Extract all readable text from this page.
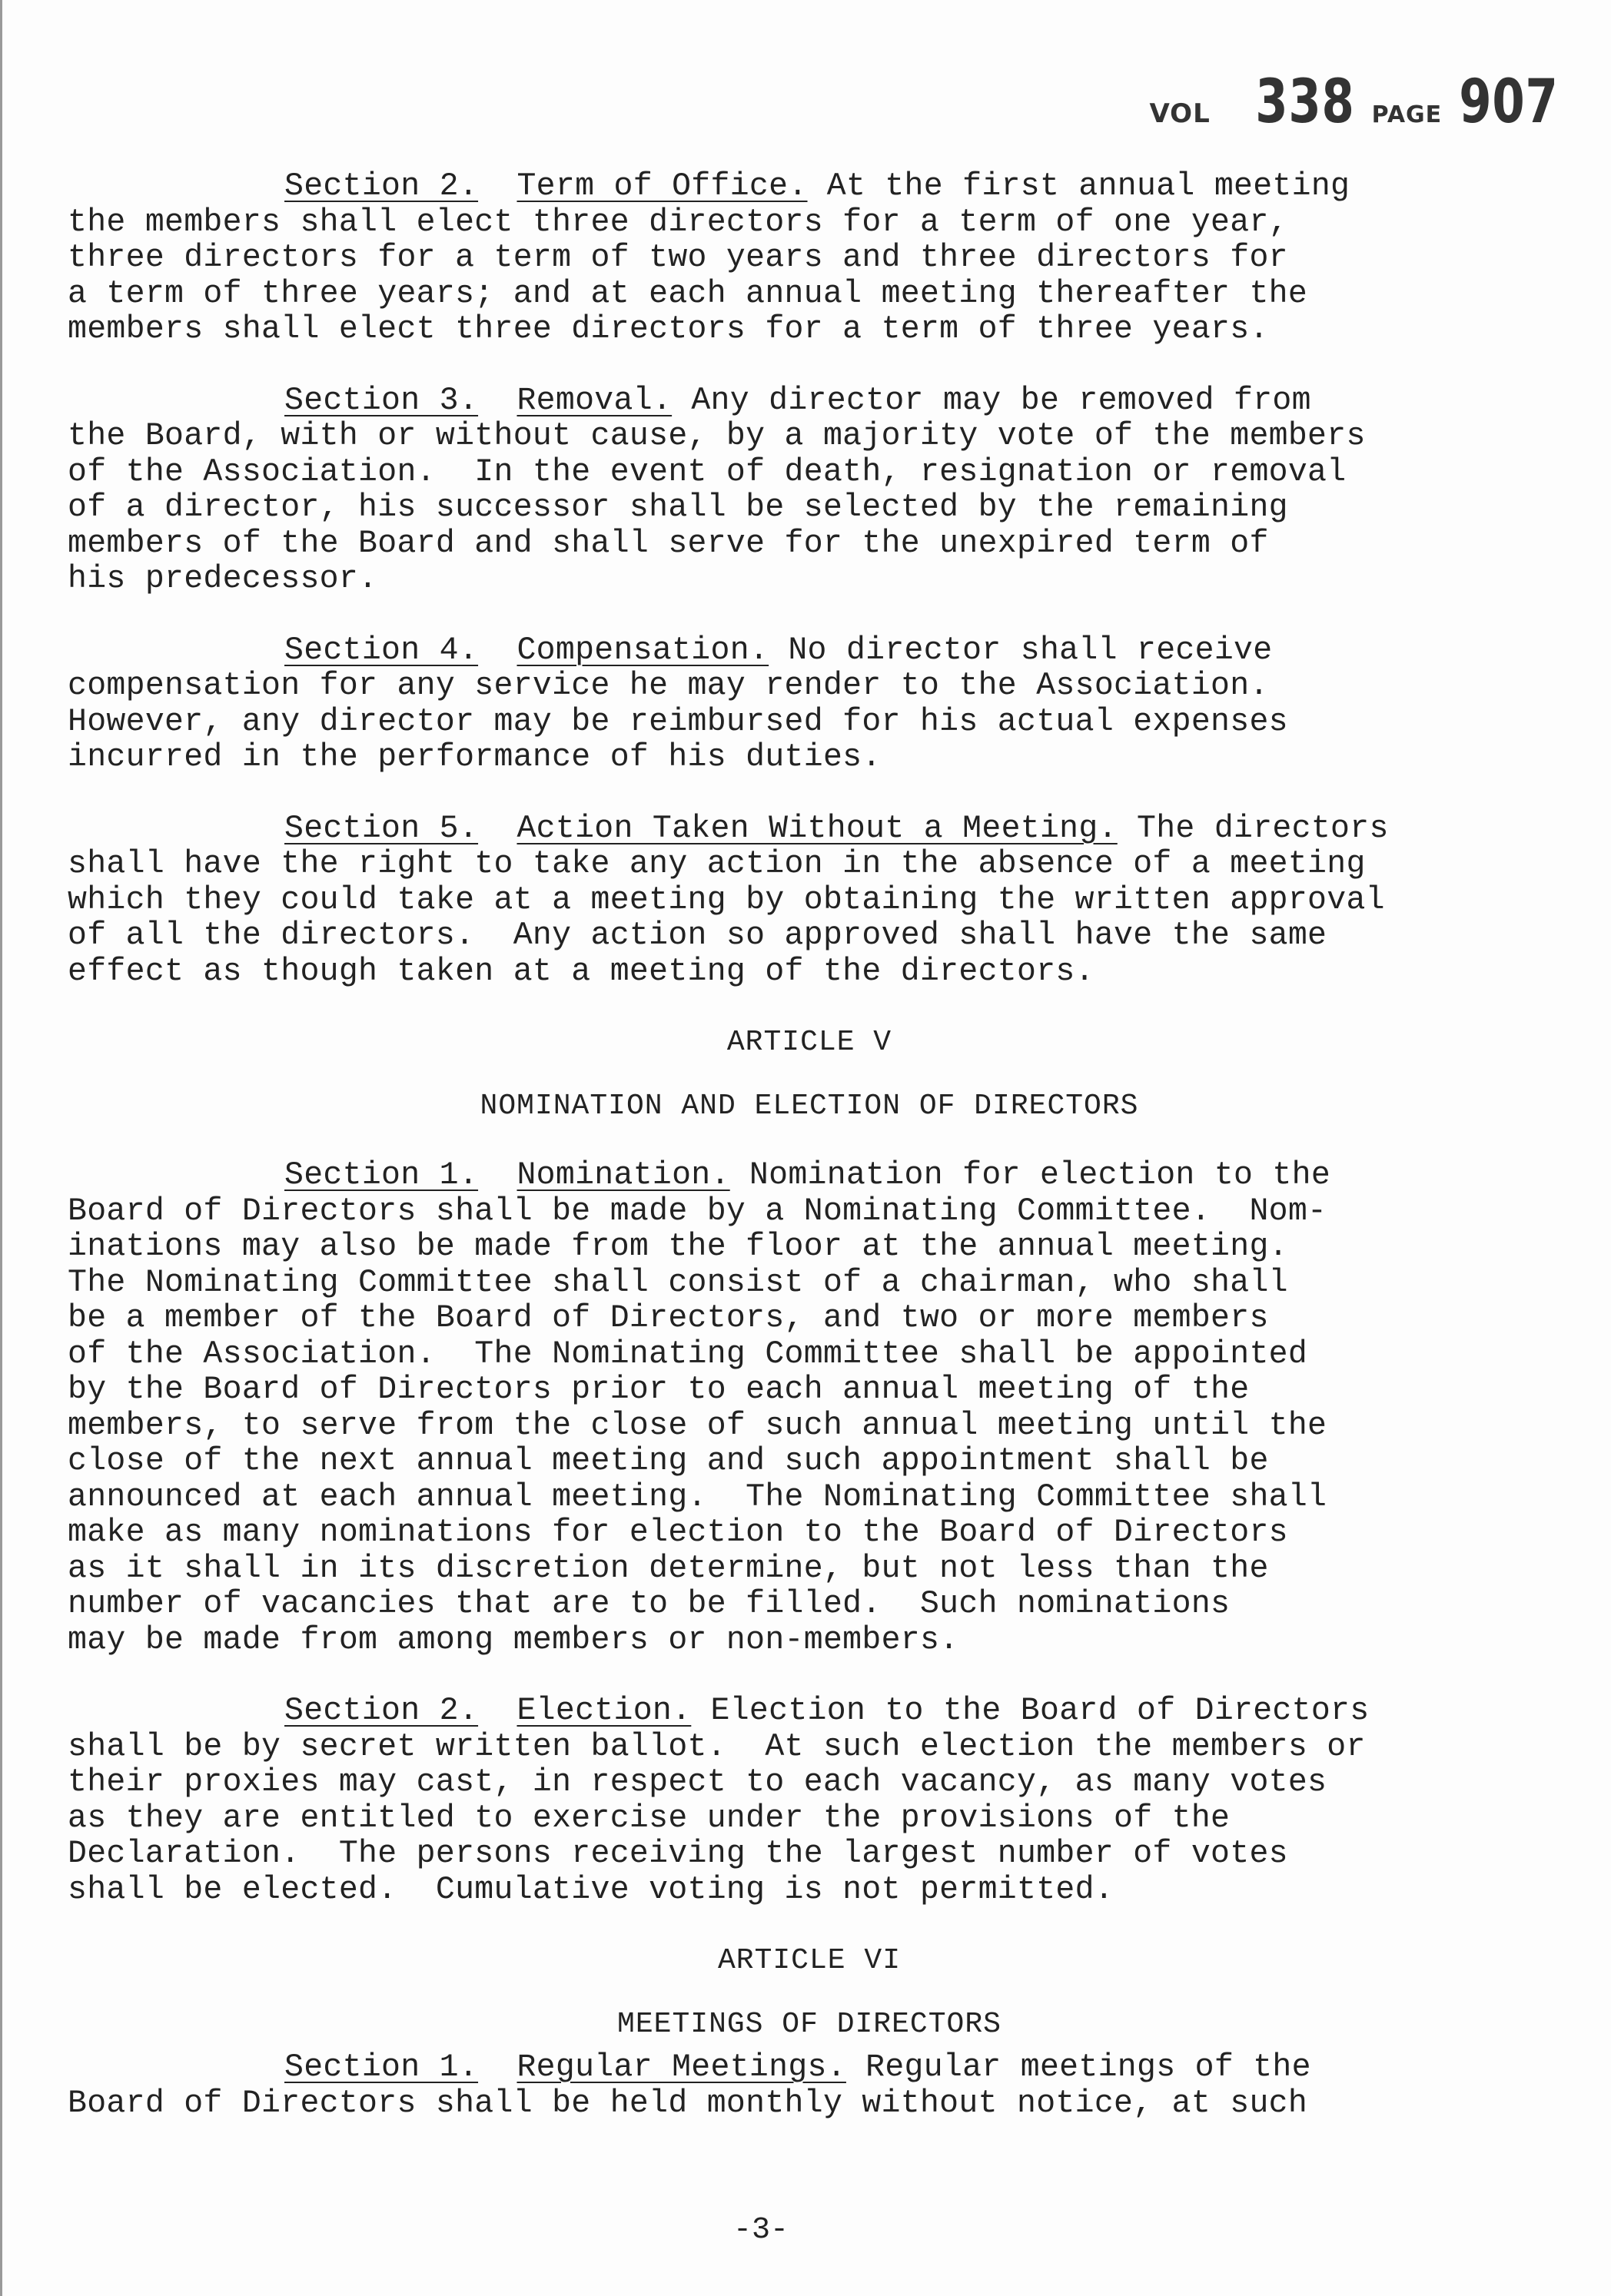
VOL 338 PAGE 907

Section 2. Term of Office. At the first annual meeting
the members shall elect three directors for a term of one year,
three directors for a term of two years and three directors for
a term of three years; and at each annual meeting thereafter the
members shall elect three directors for a term of three years.

Section 3. Removal. Any director may be removed from
the Board, with or without cause, by a majority vote of the members
of the Association.  In the event of death, resignation or removal
of a director, his successor shall be selected by the remaining
members of the Board and shall serve for the unexpired term of
his predecessor.

Section 4. Compensation. No director shall receive
compensation for any service he may render to the Association.
However, any director may be reimbursed for his actual expenses
incurred in the performance of his duties.

Section 5. Action Taken Without a Meeting. The directors
shall have the right to take any action in the absence of a meeting
which they could take at a meeting by obtaining the written approval
of all the directors.  Any action so approved shall have the same
effect as though taken at a meeting of the directors.

ARTICLE V

NOMINATION AND ELECTION OF DIRECTORS

Section 1. Nomination. Nomination for election to the
Board of Directors shall be made by a Nominating Committee.  Nom-
inations may also be made from the floor at the annual meeting.
The Nominating Committee shall consist of a chairman, who shall
be a member of the Board of Directors, and two or more members
of the Association.  The Nominating Committee shall be appointed
by the Board of Directors prior to each annual meeting of the
members, to serve from the close of such annual meeting until the
close of the next annual meeting and such appointment shall be
announced at each annual meeting.  The Nominating Committee shall
make as many nominations for election to the Board of Directors
as it shall in its discretion determine, but not less than the
number of vacancies that are to be filled.  Such nominations
may be made from among members or non-members.

Section 2. Election. Election to the Board of Directors
shall be by secret written ballot.  At such election the members or
their proxies may cast, in respect to each vacancy, as many votes
as they are entitled to exercise under the provisions of the
Declaration.  The persons receiving the largest number of votes
shall be elected.  Cumulative voting is not permitted.

ARTICLE VI

MEETINGS OF DIRECTORS

Section 1. Regular Meetings. Regular meetings of the
Board of Directors shall be held monthly without notice, at such

-3-
